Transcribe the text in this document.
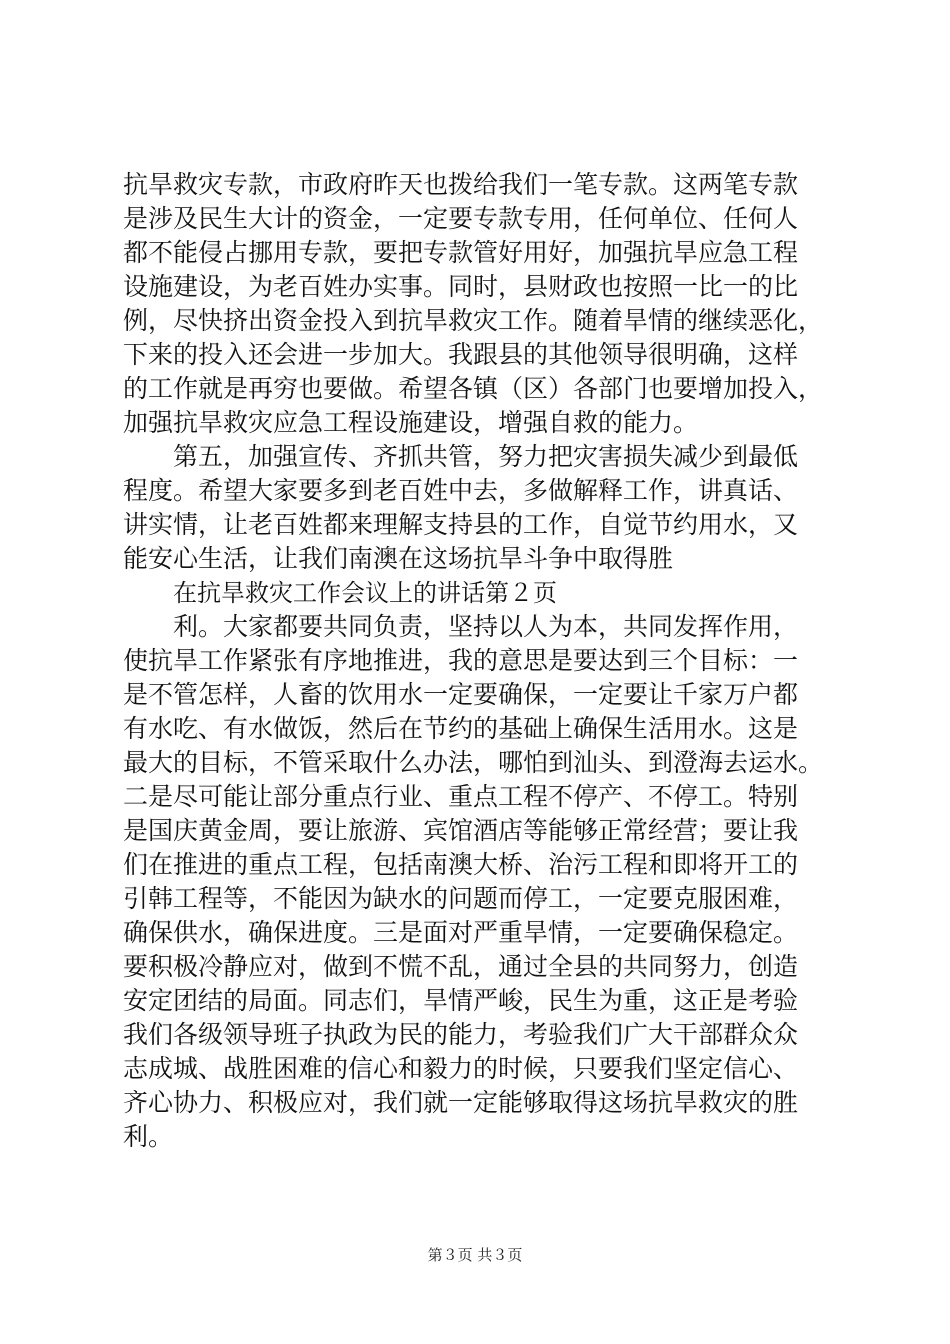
抗旱救灾专款，市政府昨天也拨给我们一笔专款。这两笔专款
是涉及民生大计的资金，一定要专款专用，任何单位、任何人
都不能侵占挪用专款，要把专款管好用好，加强抗旱应急工程
设施建设，为老百姓办实事。同时，县财政也按照一比一的比
例，尽快挤出资金投入到抗旱救灾工作。随着旱情的继续恶化，
下来的投入还会进一步加大。我跟县的其他领导很明确，这样
的工作就是再穷也要做。希望各镇（区）各部门也要增加投入，
加强抗旱救灾应急工程设施建设，增强自救的能力。
第五，加强宣传、齐抓共管，努力把灾害损失减少到最低
程度。希望大家要多到老百姓中去，多做解释工作，讲真话、
讲实情，让老百姓都来理解支持县的工作，自觉节约用水，又
能安心生活，让我们南澳在这场抗旱斗争中取得胜
在抗旱救灾工作会议上的讲话第２页
利。大家都要共同负责，坚持以人为本，共同发挥作用，
使抗旱工作紧张有序地推进，我的意思是要达到三个目标：一
是不管怎样，人畜的饮用水一定要确保，一定要让千家万户都
有水吃、有水做饭，然后在节约的基础上确保生活用水。这是
最大的目标，不管采取什么办法，哪怕到汕头、到澄海去运水。
二是尽可能让部分重点行业、重点工程不停产、不停工。特别
是国庆黄金周，要让旅游、宾馆酒店等能够正常经营；要让我
们在推进的重点工程，包括南澳大桥、治污工程和即将开工的
引韩工程等，不能因为缺水的问题而停工，一定要克服困难，
确保供水，确保进度。三是面对严重旱情，一定要确保稳定。
要积极冷静应对，做到不慌不乱，通过全县的共同努力，创造
安定团结的局面。同志们，旱情严峻，民生为重，这正是考验
我们各级领导班子执政为民的能力，考验我们广大干部群众众
志成城、战胜困难的信心和毅力的时候，只要我们坚定信心、
齐心协力、积极应对，我们就一定能够取得这场抗旱救灾的胜
利。
第３页 共３页
